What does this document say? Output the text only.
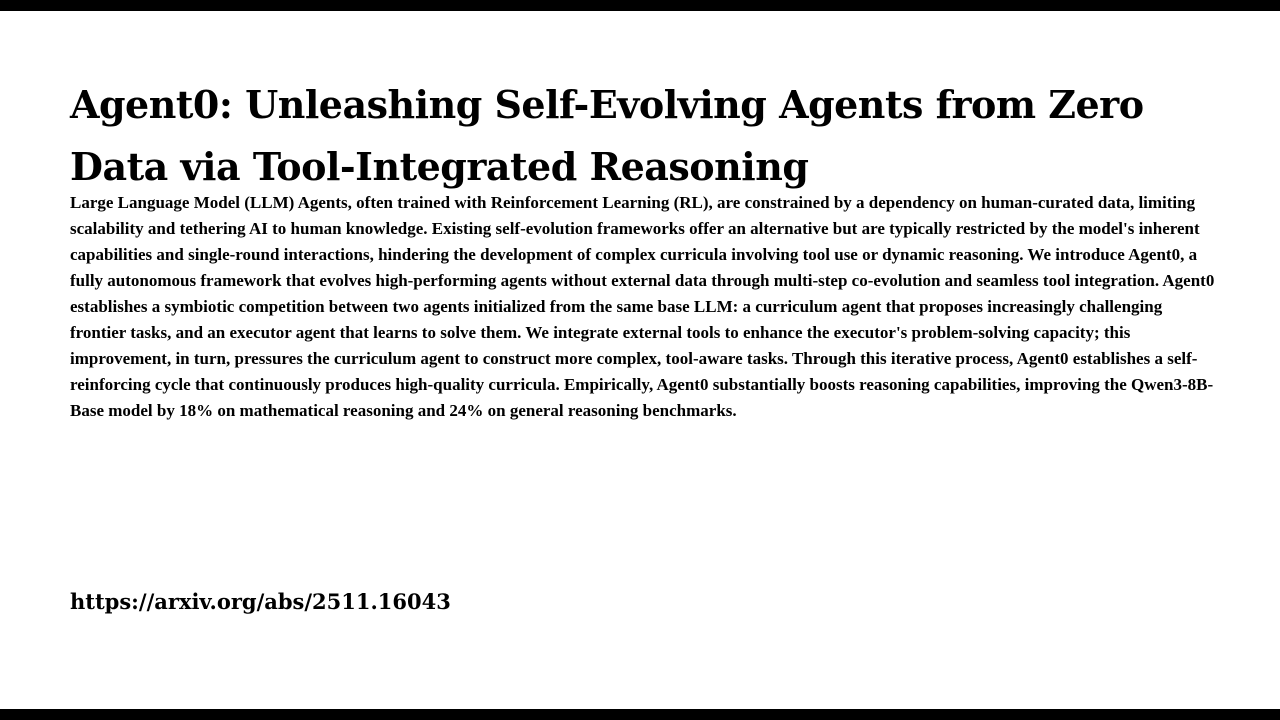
Agent0: Unleashing Self-Evolving Agents from Zero Data via Tool-Integrated Reasoning

Large Language Model (LLM) Agents, often trained with Reinforcement Learning (RL), are constrained by a dependency on human-curated data, limiting scalability and tethering AI to human knowledge. Existing self-evolution frameworks offer an alternative but are typically restricted by the model's inherent capabilities and single-round interactions, hindering the development of complex curricula involving tool use or dynamic reasoning. We introduce Agent0, a fully autonomous framework that evolves high-performing agents without external data through multi-step co-evolution and seamless tool integration. Agent0 establishes a symbiotic competition between two agents initialized from the same base LLM: a curriculum agent that proposes increasingly challenging frontier tasks, and an executor agent that learns to solve them. We integrate external tools to enhance the executor's problem-solving capacity; this improvement, in turn, pressures the curriculum agent to construct more complex, tool-aware tasks. Through this iterative process, Agent0 establishes a self-reinforcing cycle that continuously produces high-quality curricula. Empirically, Agent0 substantially boosts reasoning capabilities, improving the Qwen3-8B-Base model by 18% on mathematical reasoning and 24% on general reasoning benchmarks.

https://arxiv.org/abs/2511.16043
